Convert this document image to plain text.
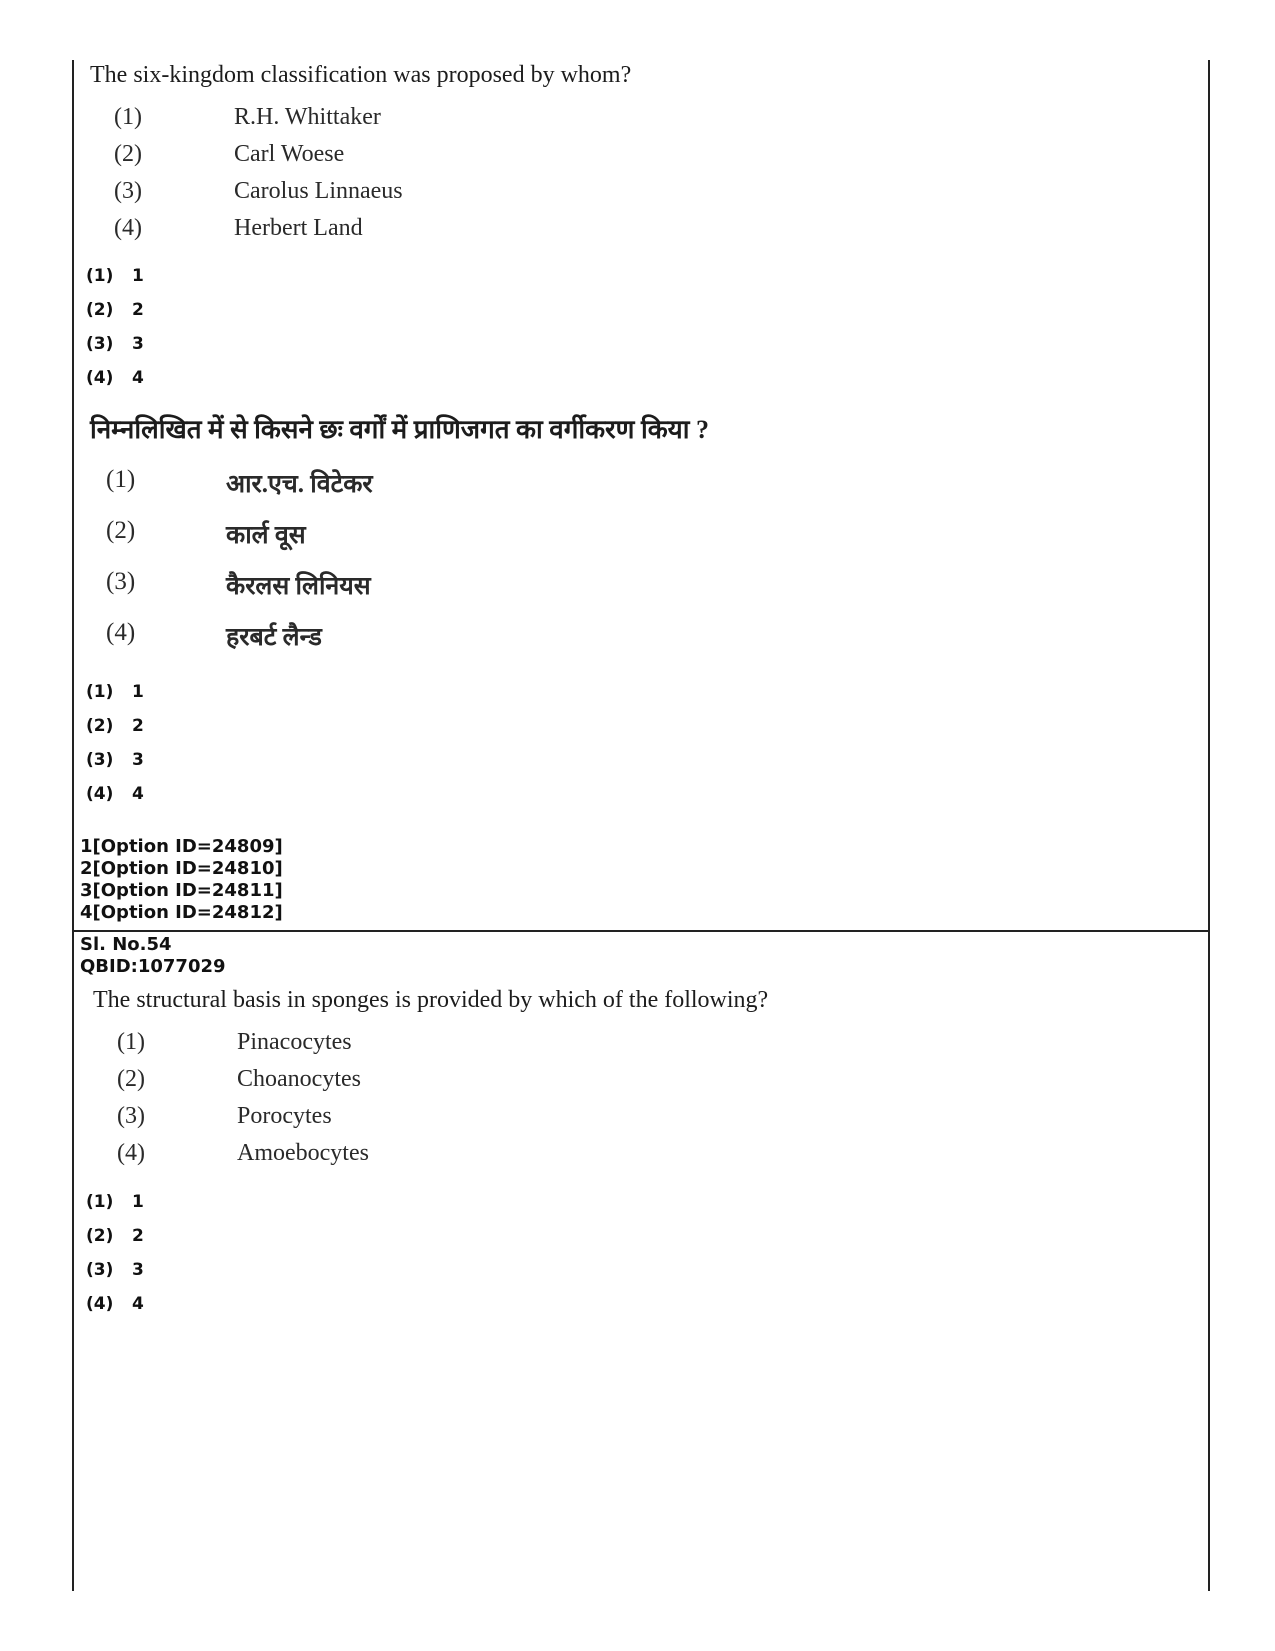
The six-kingdom classification was proposed by whom?
(1)	R.H. Whittaker
(2)	Carl Woese
(3)	Carolus Linnaeus
(4)	Herbert Land
(1) 1
(2) 2
(3) 3
(4) 4
निम्नलिखित में से किसने छः वर्गों में प्राणिजगत का वर्गीकरण किया ?
(1)	आर.एच. विटेकर
(2)	कार्ल वूस
(3)	कैरलस लिनियस
(4)	हरबर्ट लैन्ड
(1) 1
(2) 2
(3) 3
(4) 4
1[Option ID=24809]
2[Option ID=24810]
3[Option ID=24811]
4[Option ID=24812]
Sl. No.54
QBID:1077029
The structural basis in sponges is provided by which of the following?
(1)	Pinacocytes
(2)	Choanocytes
(3)	Porocytes
(4)	Amoebocytes
(1) 1
(2) 2
(3) 3
(4) 4
